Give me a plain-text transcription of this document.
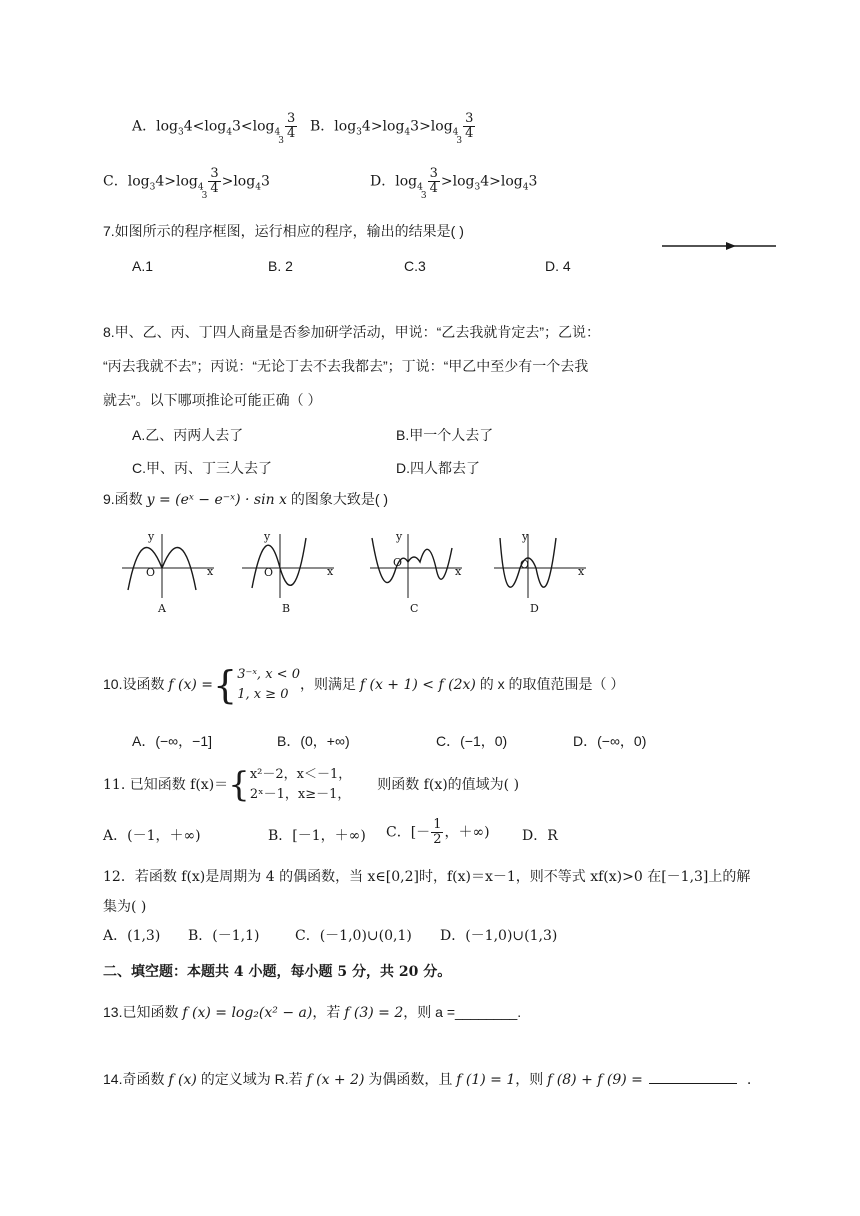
A．$\log_34<\log_43<\log_{43} \frac{3}{4}$ B．$\log_34>\log_43>\log_{43} \frac{3}{4}$
C．$\log_34>\log_{43} \frac{3}{4} >\log_43$	D．$\log_{43} \frac{3}{4} >\log_34>\log_43$
7.如图所示的程序框图，运行相应的程序，输出的结果是( )
A.1	B. 2	C.3	D. 4
8.甲、乙、丙、丁四人商量是否参加研学活动，甲说：“乙去我就肯定去”；乙说：
“丙去我就不去”；丙说：“无论丁去不去我都去”；丁说：“甲乙中至少有一个去我
就去”。以下哪项推论可能正确（ ）
A.乙、丙两人去了	B.甲一个人去了
C.甲、丙、丁三人去了	D.四人都去了
9.函数 y = (eˣ − e⁻ˣ) · sin x 的图象大致是( )
y
x
O
A
y
x
O
B
y
x
O
C
y
x
O
D
10.设函数 f (x) ={ 3⁻ˣ, x < 0
1, x ≥ 0
，则满足 f (x + 1) < f (2x) 的 x 的取值范围是（ ）
A．(−∞，−1]	B．(0，+∞)	C．(−1，0)	D．(−∞，0)
11. 已知函数 f(x)＝{ x²－2，x＜－1，
2ˣ－1，x≥－1，
则函数 f(x)的值域为( )
A．(－1，＋∞)	B．[－1，＋∞) C．[－ $\frac{1}{2}$ ，＋∞) D．R
12．若函数 f(x)是周期为 4 的偶函数，当 x∈[0,2]时，f(x)＝x－1，则不等式 xf(x)>0 在[－1,3]上的解
集为( )
A．(1,3) B．(－1,1)	C．(－1,0)∪(0,1) D．(－1,0)∪(1,3)
二、填空题：本题共 4 小题，每小题 5 分，共 20 分。
13.已知函数 f (x) = log₂(x² − a)，若 f (3) = 2，则 a =________.
14.奇函数 f (x) 的定义域为 R.若 f (x + 2) 为偶函数，且 f (1) = 1，则 f (8) + f (9) =	.
